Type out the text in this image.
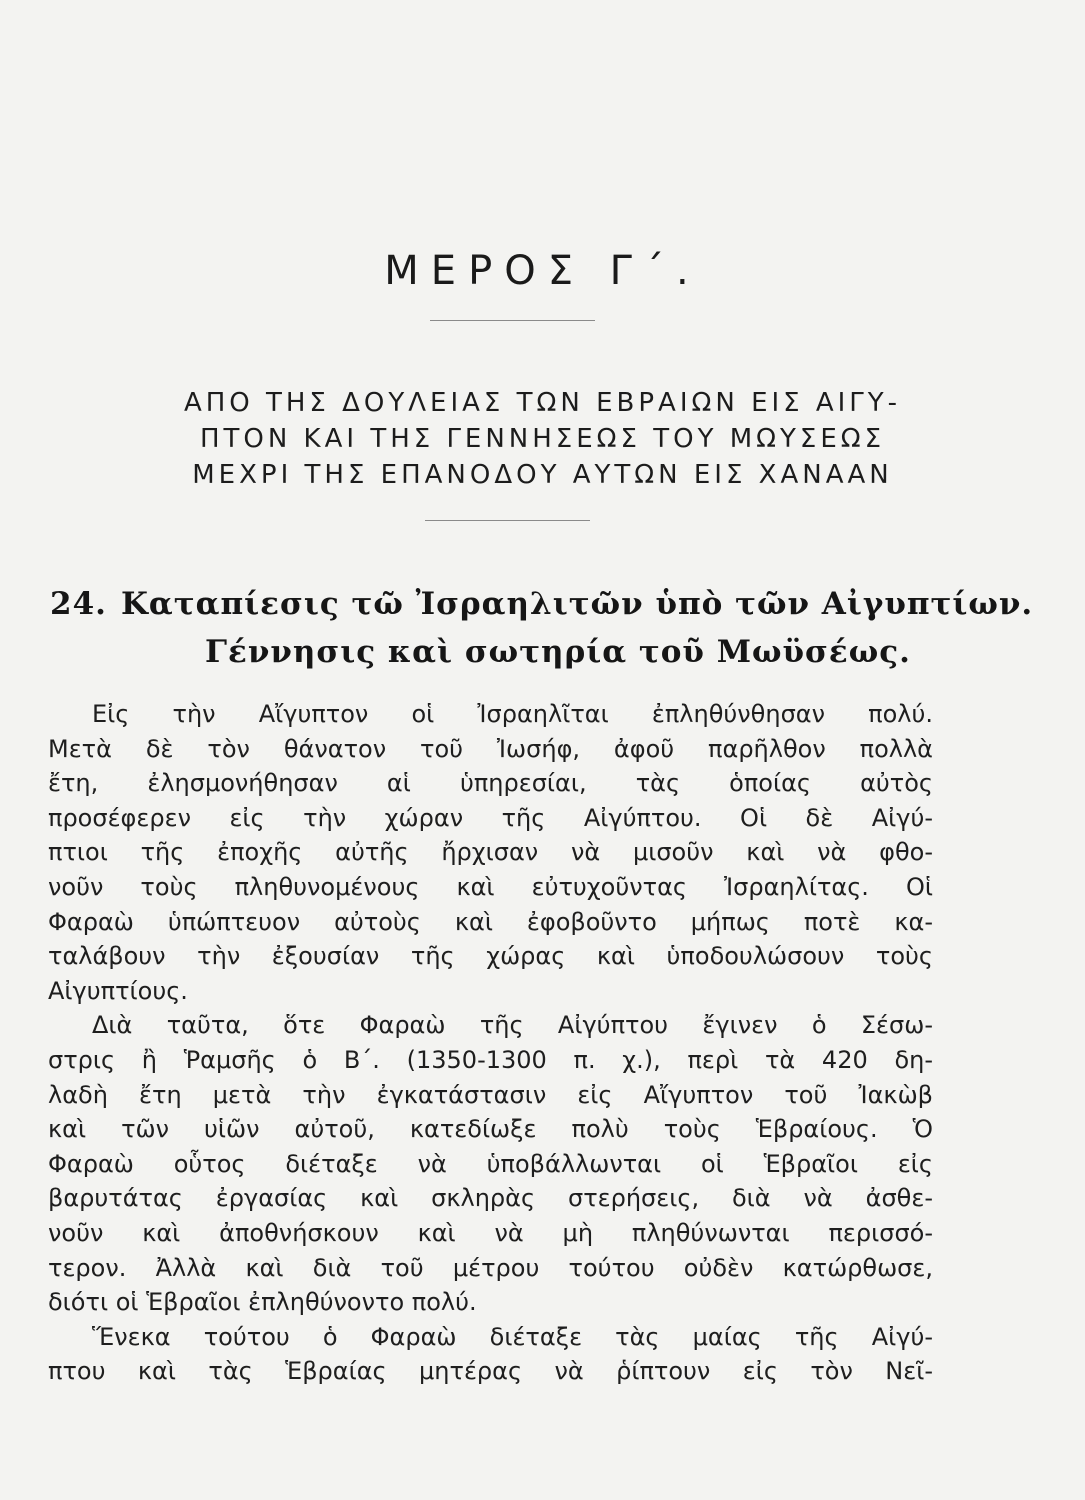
ΜΕΡΟΣ Γ΄.
ΑΠΟ ΤΗΣ ΔΟΥΛΕΙΑΣ ΤΩΝ ΕΒΡΑΙΩΝ ΕΙΣ ΑΙΓΥ-
ΠΤΟΝ ΚΑΙ ΤΗΣ ΓΕΝΝΗΣΕΩΣ ΤΟΥ ΜΩΥΣΕΩΣ
ΜΕΧΡΙ ΤΗΣ ΕΠΑΝΟΔΟΥ ΑΥΤΩΝ ΕΙΣ ΧΑΝΑΑΝ
24. Καταπίεσις τῶ Ἰσραηλιτῶν ὑπὸ τῶν Αἰγυπτίων.
Γέννησις καὶ σωτηρία τοῦ Μωϋσέως.
Εἰς τὴν Αἴγυπτον οἱ Ἰσραηλῖται ἐπληθύνθησαν πολύ.
Μετὰ δὲ τὸν θάνατον τοῦ Ἰωσήφ, ἀφοῦ παρῆλθον πολλὰ
ἔτη, ἐλησμονήθησαν αἱ ὑπηρεσίαι, τὰς ὁποίας αὐτὸς
προσέφερεν εἰς τὴν χώραν τῆς Αἰγύπτου. Οἱ δὲ Αἰγύ-
πτιοι τῆς ἐποχῆς αὐτῆς ἤρχισαν νὰ μισοῦν καὶ νὰ φθο-
νοῦν τοὺς πληθυνομένους καὶ εὐτυχοῦντας Ἰσραηλίτας. Οἱ
Φαραὼ ὑπώπτευον αὐτοὺς καὶ ἐφοβοῦντο μήπως ποτὲ κα-
ταλάβουν τὴν ἐξουσίαν τῆς χώρας καὶ ὑποδουλώσουν τοὺς
Αἰγυπτίους.
Διὰ ταῦτα, ὅτε Φαραὼ τῆς Αἰγύπτου ἔγινεν ὁ Σέσω-
στρις ἢ Ῥαμσῆς ὁ Β΄. (1350-1300 π. χ.), περὶ τὰ 420 δη-
λαδὴ ἔτη μετὰ τὴν ἐγκατάστασιν εἰς Αἴγυπτον τοῦ Ἰακὼβ
καὶ τῶν υἱῶν αὐτοῦ, κατεδίωξε πολὺ τοὺς Ἑβραίους. Ὁ
Φαραὼ οὗτος διέταξε νὰ ὑποβάλλωνται οἱ Ἑβραῖοι εἰς
βαρυτάτας ἐργασίας καὶ σκληρὰς στερήσεις, διὰ νὰ ἀσθε-
νοῦν καὶ ἀποθνήσκουν καὶ νὰ μὴ πληθύνωνται περισσό-
τερον. Ἀλλὰ καὶ διὰ τοῦ μέτρου τούτου οὐδὲν κατώρθωσε,
διότι οἱ Ἑβραῖοι ἐπληθύνοντο πολύ.
Ἕνεκα τούτου ὁ Φαραὼ διέταξε τὰς μαίας τῆς Αἰγύ-
πτου καὶ τὰς Ἑβραίας μητέρας νὰ ῥίπτουν εἰς τὸν Νεῖ-
